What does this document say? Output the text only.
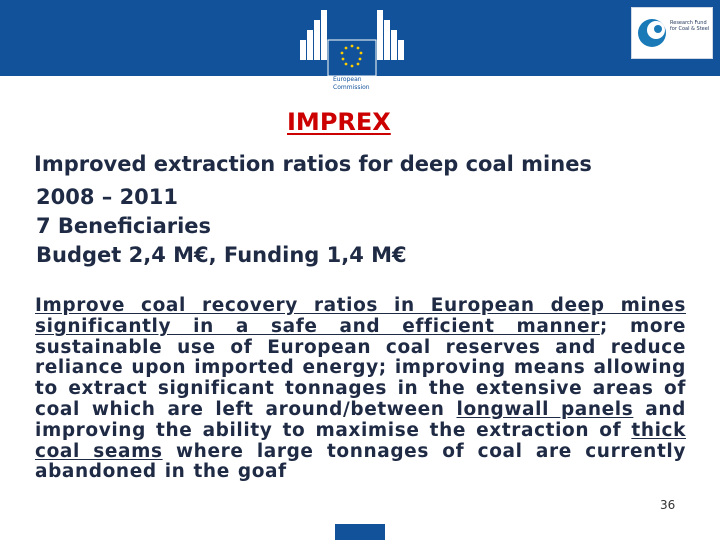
European
Commission
Research Fund
for Coal & Steel
IMPREX
Improved extraction ratios for deep coal mines
2008 – 2011
7 Beneficiaries
Budget 2,4 M€, Funding 1,4 M€
Improve coal recovery ratios in European deep mines significantly in a safe and efficient manner; more sustainable use of European coal reserves and reduce reliance upon imported energy; improving means allowing to extract significant tonnages in the extensive areas of coal which are left around/between longwall panels and improving the ability to maximise the extraction of thick coal seams where large tonnages of coal are currently abandoned in the goaf
36
